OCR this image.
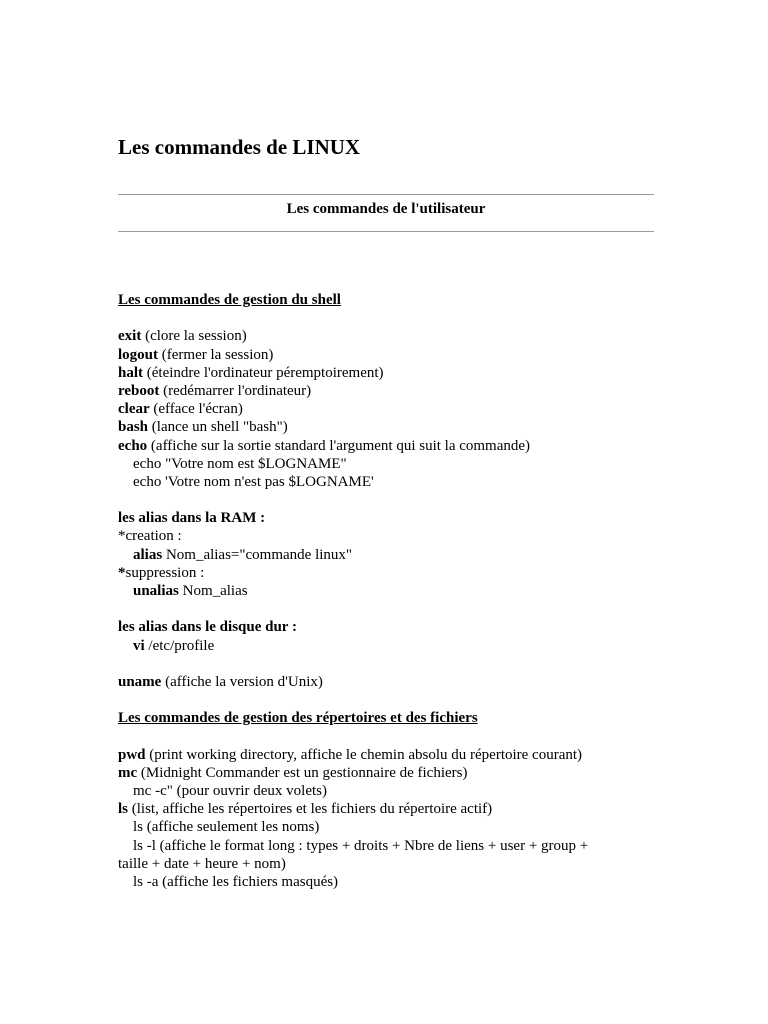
Les commandes de LINUX
Les commandes de l'utilisateur
Les commandes de gestion du shell
exit (clore la session)
logout (fermer la session)
halt (éteindre l'ordinateur péremptoirement)
reboot (redémarrer l'ordinateur)
clear (efface l'écran)
bash (lance un shell "bash")
echo (affiche sur la sortie standard l'argument qui suit la commande)
echo "Votre nom est $LOGNAME"
echo 'Votre nom n'est pas $LOGNAME'
les alias dans la RAM :
*creation :
alias Nom_alias="commande linux"
*suppression :
unalias Nom_alias
les alias dans le disque dur :
vi /etc/profile
uname (affiche la version d'Unix)
Les commandes de gestion des répertoires et des fichiers
pwd (print working directory, affiche le chemin absolu du répertoire courant)
mc (Midnight Commander est un gestionnaire de fichiers)
mc -c" (pour ouvrir deux volets)
ls (list, affiche les répertoires et les fichiers du répertoire actif)
ls (affiche seulement les noms)
ls -l (affiche le format long : types + droits + Nbre de liens + user + group +
taille + date + heure + nom)
ls -a (affiche les fichiers masqués)
